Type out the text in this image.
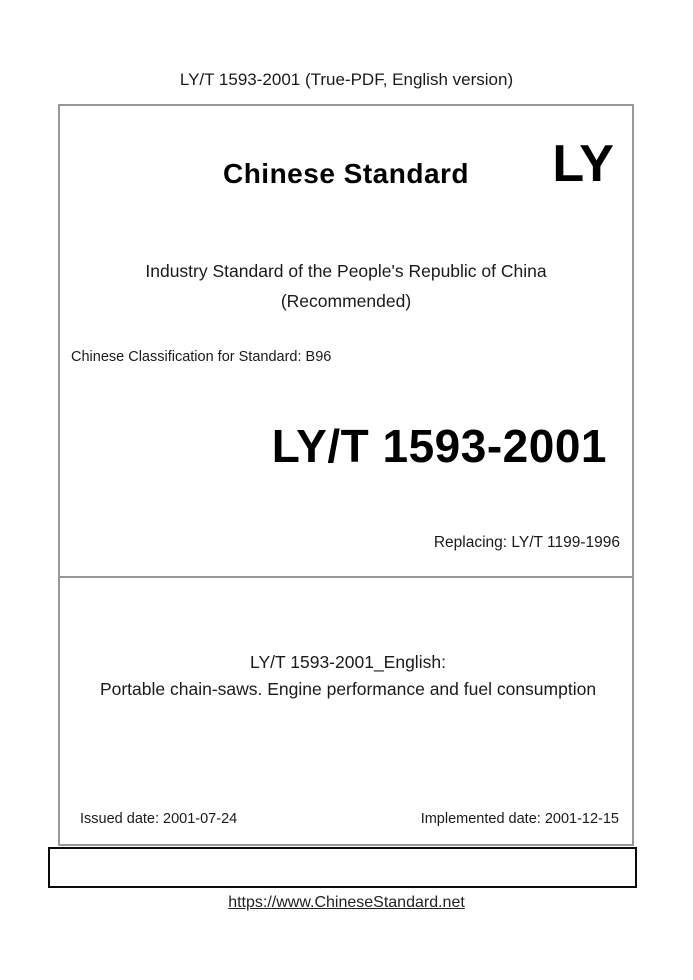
LY/T 1593-2001 (True-PDF, English version)
Chinese Standard	LY
Industry Standard of the People's Republic of China
(Recommended)
Chinese Classification for Standard: B96
LY/T 1593-2001
Replacing: LY/T 1199-1996
LY/T 1593-2001_English:
Portable chain-saws. Engine performance and fuel consumption
Issued date: 2001-07-24	Implemented date: 2001-12-15
https://www.ChineseStandard.net
